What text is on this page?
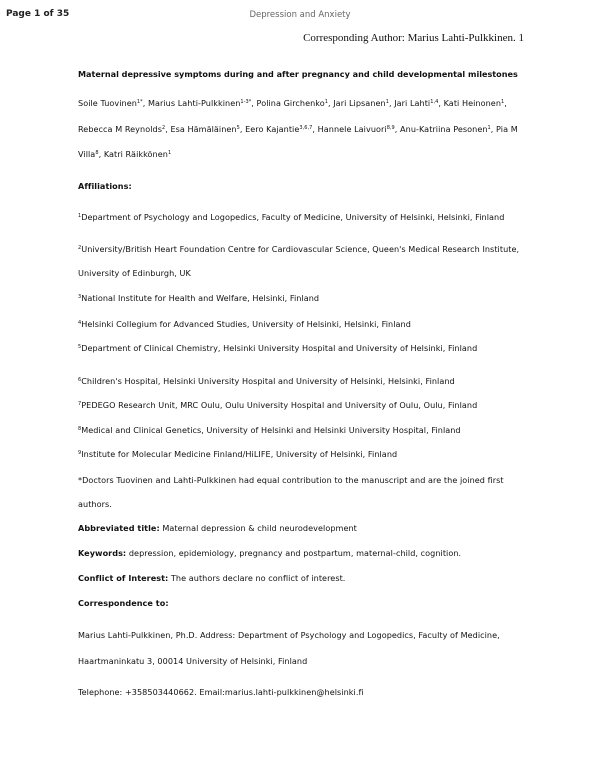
Page 1 of 35	Depression and Anxiety
Corresponding Author: Marius Lahti-Pulkkinen. 1
Maternal depressive symptoms during and after pregnancy and child developmental milestones
Soile Tuovinen$^{1*}$, Marius Lahti-Pulkkinen$^{1-3*}$, Polina Girchenko$^1$, Jari Lipsanen$^1$, Jari Lahti$^{1,4}$, Kati Heinonen$^1$,
Rebecca M Reynolds$^2$, Esa Hämäläinen$^5$, Eero Kajantie$^{3,6,7}$, Hannele Laivuori$^{8,9}$, Anu-Katriina Pesonen$^1$, Pia M
Villa$^8$, Katri Räikkönen$^1$
Affiliations:
$^1$Department of Psychology and Logopedics, Faculty of Medicine, University of Helsinki, Helsinki, Finland
$^2$University/British Heart Foundation Centre for Cardiovascular Science, Queen's Medical Research Institute,
University of Edinburgh, UK
$^3$National Institute for Health and Welfare, Helsinki, Finland
$^4$Helsinki Collegium for Advanced Studies, University of Helsinki, Helsinki, Finland
$^5$Department of Clinical Chemistry, Helsinki University Hospital and University of Helsinki, Finland
$^6$Children's Hospital, Helsinki University Hospital and University of Helsinki, Helsinki, Finland
$^7$PEDEGO Research Unit, MRC Oulu, Oulu University Hospital and University of Oulu, Oulu, Finland
$^8$Medical and Clinical Genetics, University of Helsinki and Helsinki University Hospital, Finland
$^9$Institute for Molecular Medicine Finland/HiLIFE, University of Helsinki, Finland
*Doctors Tuovinen and Lahti-Pulkkinen had equal contribution to the manuscript and are the joined first
authors.
Abbreviated title: Maternal depression & child neurodevelopment
Keywords: depression, epidemiology, pregnancy and postpartum, maternal-child, cognition.
Conflict of Interest: The authors declare no conflict of interest.
Correspondence to:
Marius Lahti-Pulkkinen, Ph.D. Address: Department of Psychology and Logopedics, Faculty of Medicine,
Haartmaninkatu 3, 00014 University of Helsinki, Finland
Telephone: +358503440662. Email:marius.lahti-pulkkinen@helsinki.fi
